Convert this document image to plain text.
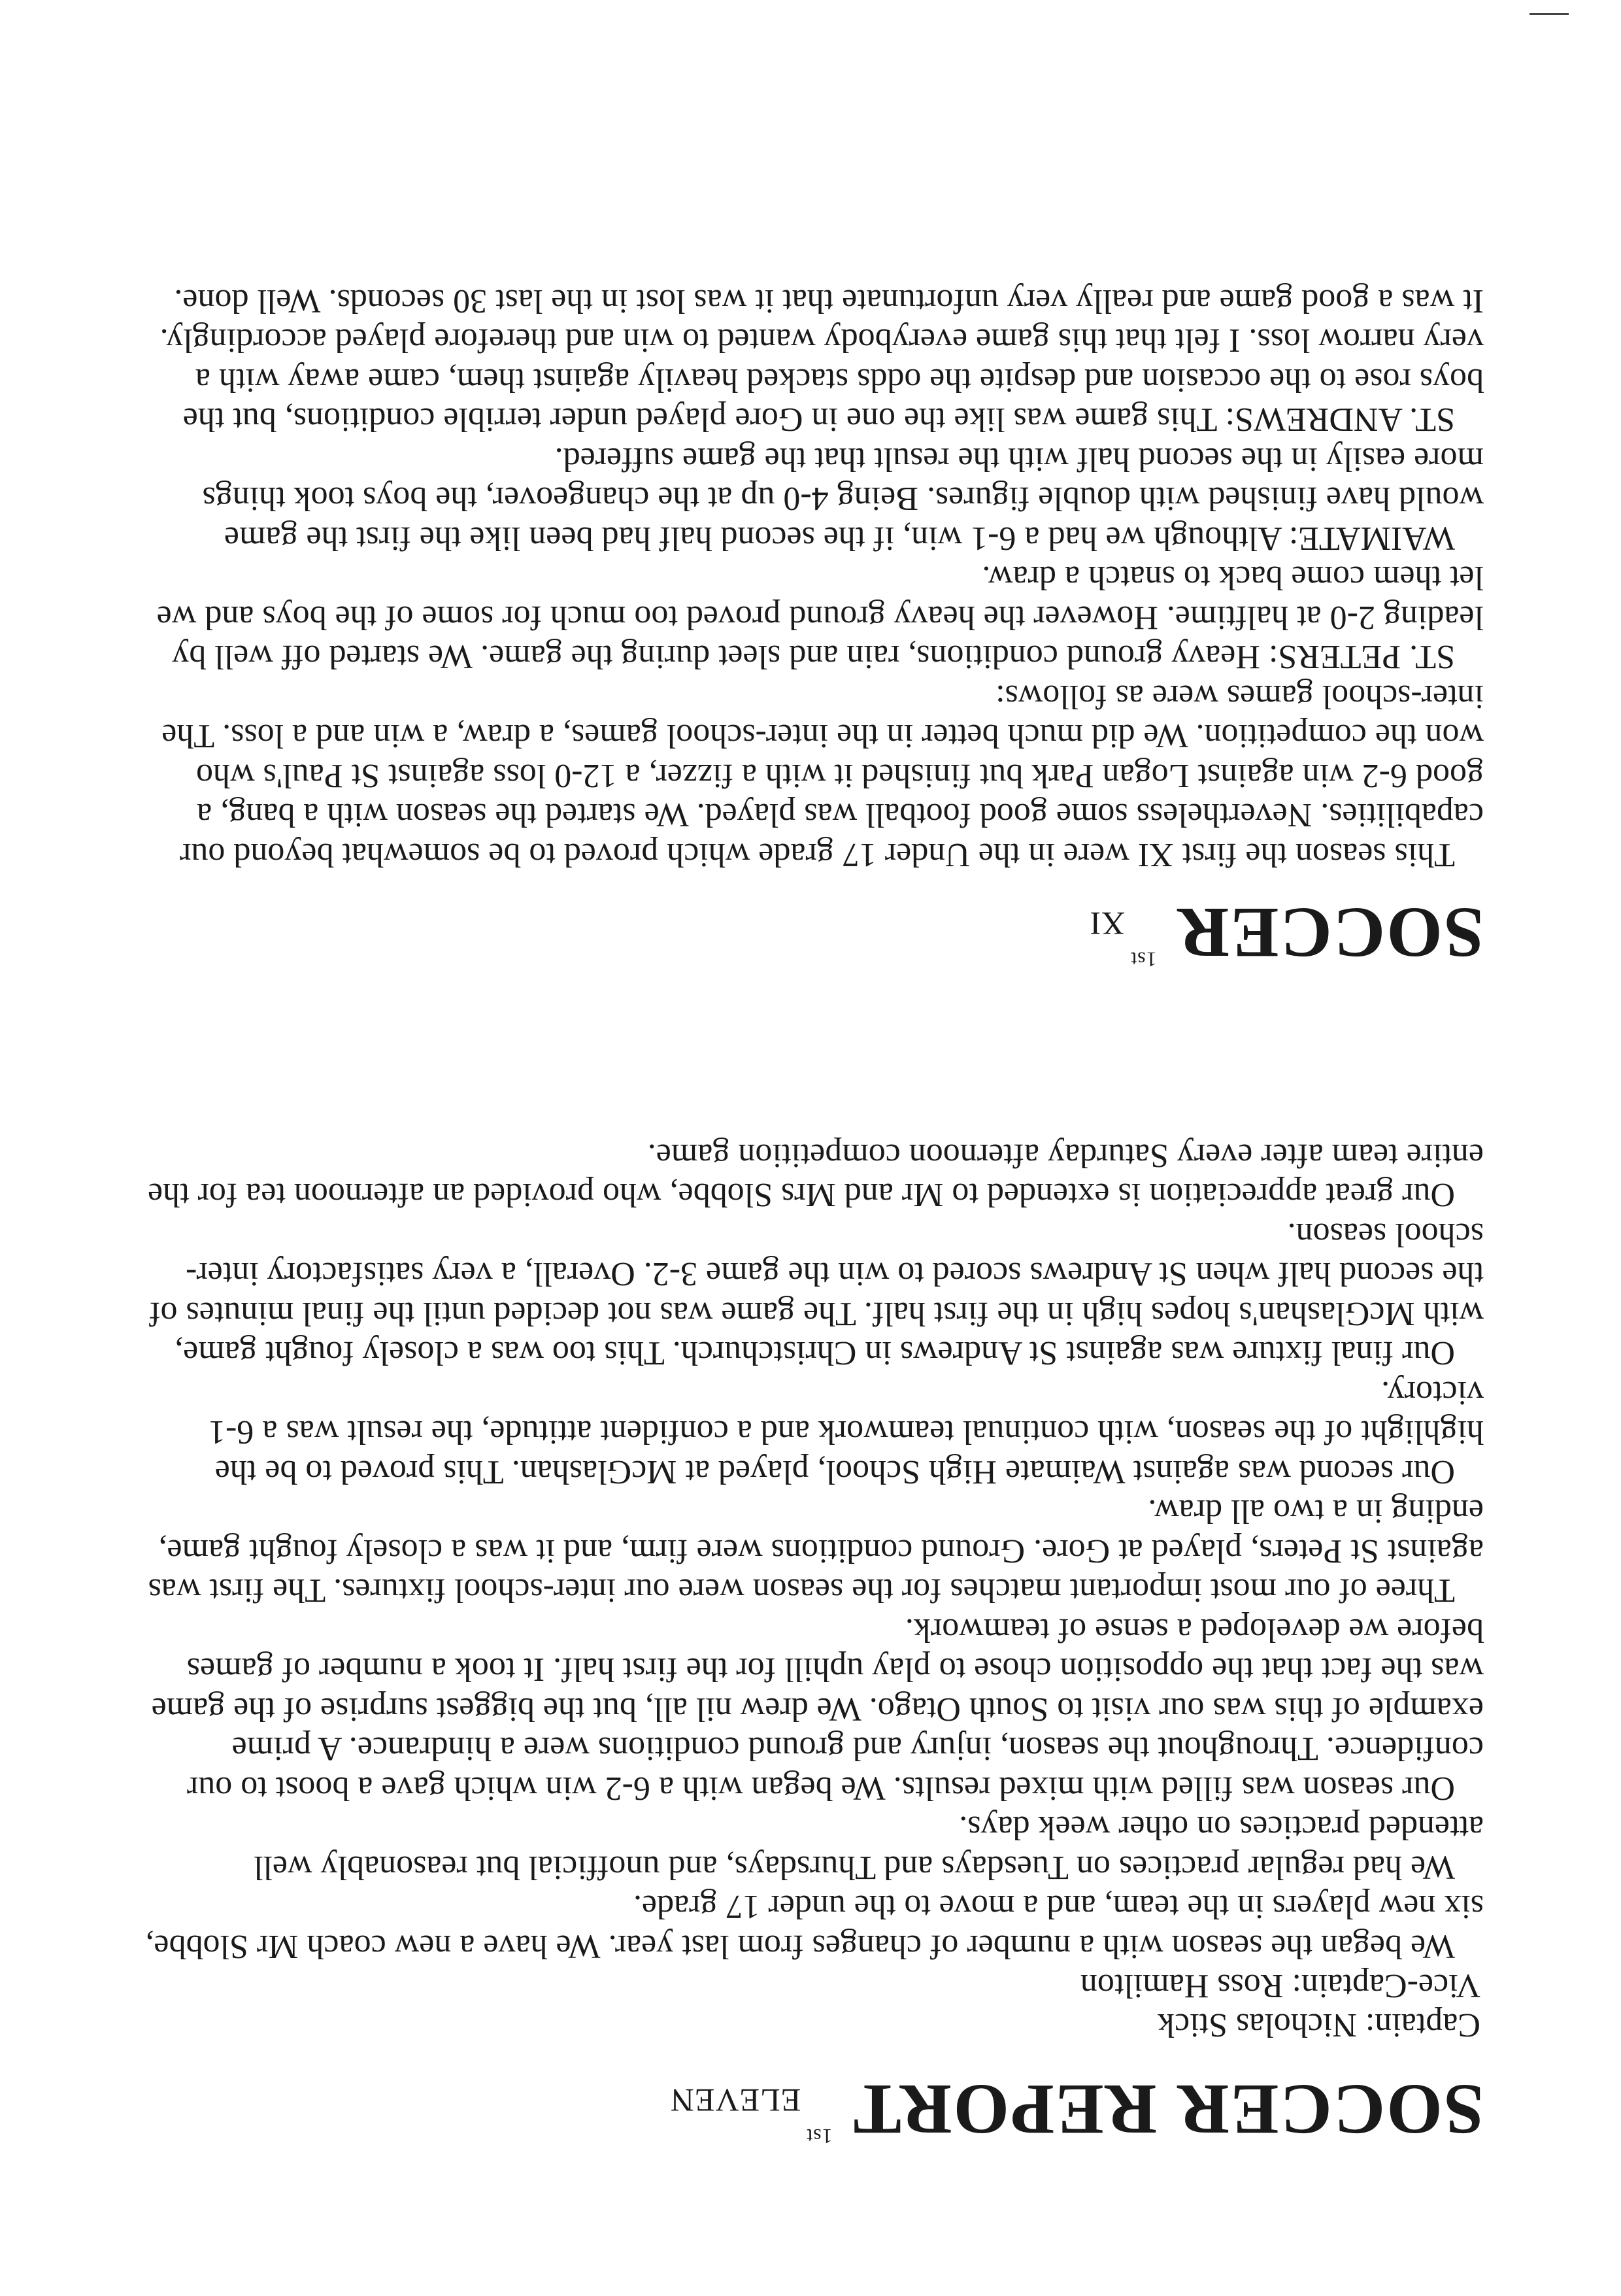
SOCCER $REPORT^{1st}ELEVEN$
Captain: Nicholas Stick
Vice-Captain: Ross Hamilton

We began the season with a number of changes from last year. We have a new coach Mr Slobbe, six new players in the team, and a move to the under 17 grade.

We had regular practices on Tuesdays and Thursdays, and unofficial but reasonably well attended practices on other week days.

Our season was filled with mixed results. We began with a 6-2 win which gave a boost to our confidence. Throughout the season, injury and ground conditions were a hindrance. A prime example of this was our visit to South Otago. We drew nil all, but the biggest surprise of the game was the fact that the opposition chose to play uphill for the first half. It took a number of games before we developed a sense of teamwork.

Three of our most important matches for the season were our inter-school fixtures. The first was against St Peters, played at Gore. Ground conditions were firm, and it was a closely fought game, ending in a two all draw.

Our second was against Waimate High School, played at McGlashan. This proved to be the highlight of the season, with continual teamwork and a confident attitude, the result was a 6-1 victory.

Our final fixture was against St Andrews in Christchurch. This too was a closely fought game, with McGlashan's hopes high in the first half. The game was not decided until the final minutes of the second half when St Andrews scored to win the game 3-2. Overall, a very satisfactory inter-school season.

Our great appreciation is extended to Mr and Mrs Slobbe, who provided an afternoon tea for the entire team after every Saturday afternoon competition game.

$SOCCER^{1st}XI$

This season the first XI were in the Under 17 grade which proved to be somewhat beyond our capabilities. Nevertheless some good football was played. We started the season with a bang, a good 6-2 win against Logan Park but finished it with a fizzer, a 12-0 loss against St Paul's who won the competition. We did much better in the inter-school games, a draw, a win and a loss. The inter-school games were as follows:

ST. PETERS: Heavy ground conditions, rain and sleet during the game. We started off well by leading 2-0 at halftime. However the heavy ground proved too much for some of the boys and we let them come back to snatch a draw.

WAIMATE: Although we had a 6-1 win, if the second half had been like the first the game would have finished with double figures. Being 4-0 up at the changeover, the boys took things more easily in the second half with the result that the game suffered.

ST. ANDREWS: This game was like the one in Gore played under terrible conditions, but the boys rose to the occasion and despite the odds stacked heavily against them, came away with a very narrow loss. I felt that this game everybody wanted to win and therefore played accordingly. It was a good game and really very unfortunate that it was lost in the last 30 seconds. Well done.
